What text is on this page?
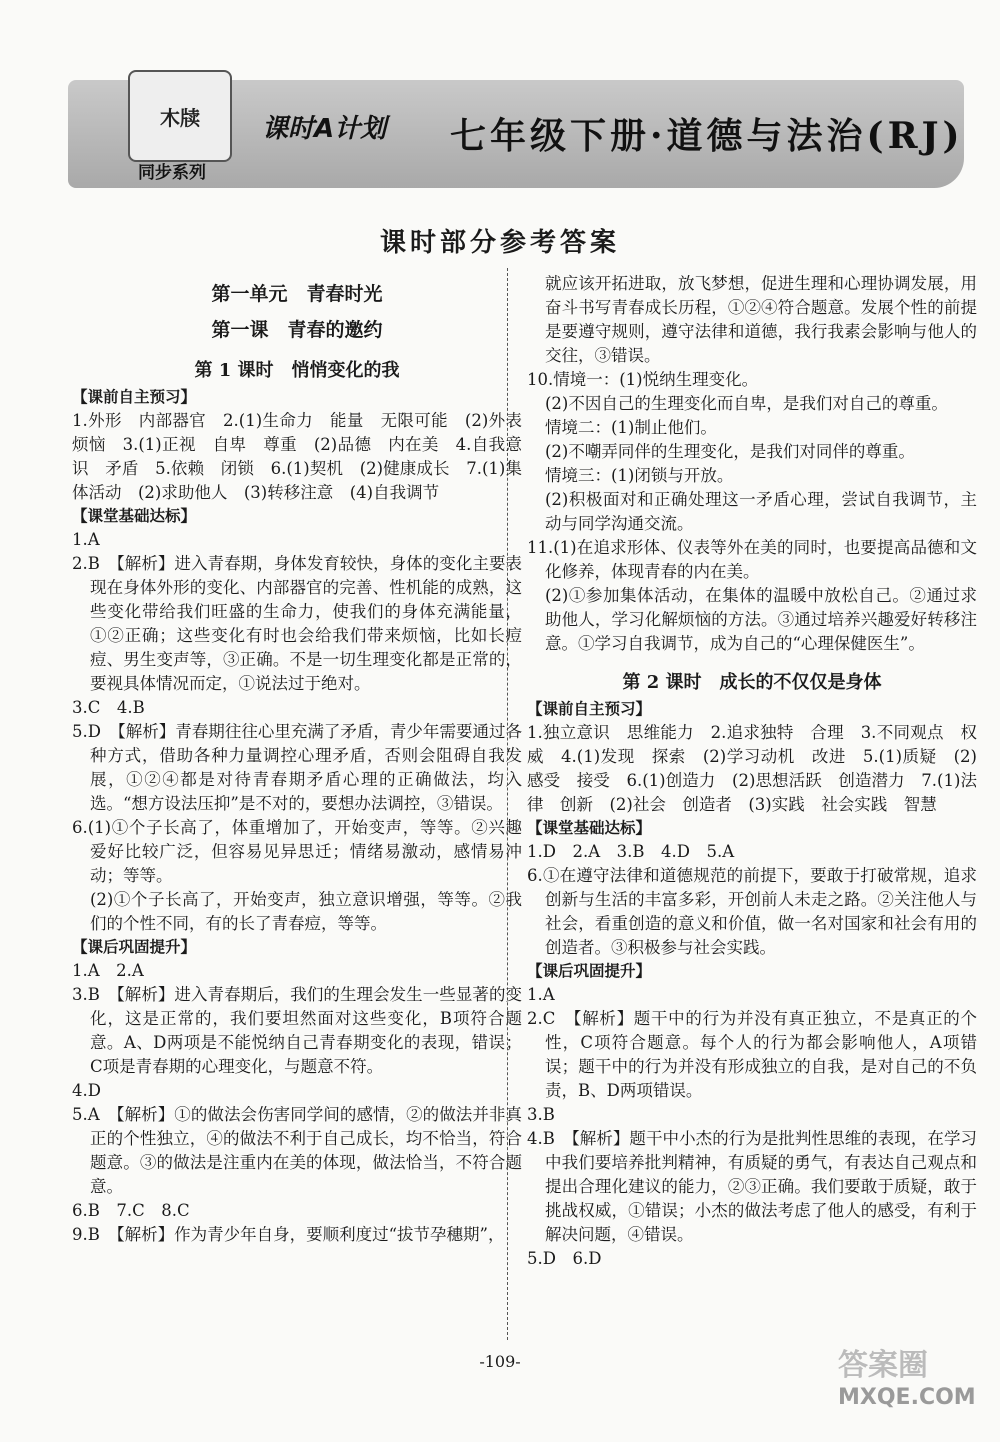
木牍
同步系列
课时A计划 七年级下册·道德与法治(RJ)
课时部分参考答案
第一单元　青春时光
第一课　青春的邀约
第 1 课时　悄悄变化的我
【课前自主预习】

1.外形　内部器官　2.(1)生命力　能量　无限可能　(2)外表　烦恼　3.(1)正视　自卑　尊重　(2)品德　内在美　4.自我意识　矛盾　5.依赖　闭锁　6.(1)契机　(2)健康成长　7.(1)集体活动　(2)求助他人　(3)转移注意　(4)自我调节

【课堂基础达标】

1.A

2.B　【解析】进入青春期，身体发育较快，身体的变化主要表现在身体外形的变化、内部器官的完善、性机能的成熟，这些变化带给我们旺盛的生命力，使我们的身体充满能量，①②正确；这些变化有时也会给我们带来烦恼，比如长痘痘、男生变声等，③正确。不是一切生理变化都是正常的，要视具体情况而定，①说法过于绝对。

3.C　4.B

5.D　【解析】青春期往往心里充满了矛盾，青少年需要通过各种方式，借助各种力量调控心理矛盾，否则会阻碍自我发展，①②④都是对待青春期矛盾心理的正确做法，均入选。“想方设法压抑”是不对的，要想办法调控，③错误。

6.(1)①个子长高了，体重增加了，开始变声，等等。②兴趣爱好比较广泛，但容易见异思迁；情绪易激动，感情易冲动；等等。

(2)①个子长高了，开始变声，独立意识增强，等等。②我们的个性不同，有的长了青春痘，等等。

【课后巩固提升】

1.A　2.A

3.B　【解析】进入青春期后，我们的生理会发生一些显著的变化，这是正常的，我们要坦然面对这些变化，B项符合题意。A、D两项是不能悦纳自己青春期变化的表现，错误；C项是青春期的心理变化，与题意不符。

4.D

5.A　【解析】①的做法会伤害同学间的感情，②的做法并非真正的个性独立，④的做法不利于自己成长，均不恰当，符合题意。③的做法是注重内在美的体现，做法恰当，不符合题意。

6.B　7.C　8.C

9.B　【解析】作为青少年自身，要顺利度过“拔节孕穗期”，

就应该开拓进取，放飞梦想，促进生理和心理协调发展，用奋斗书写青春成长历程，①②④符合题意。发展个性的前提是要遵守规则，遵守法律和道德，我行我素会影响与他人的交往，③错误。

10.情境一：(1)悦纳生理变化。

(2)不因自己的生理变化而自卑，是我们对自己的尊重。

情境二：(1)制止他们。

(2)不嘲弄同伴的生理变化，是我们对同伴的尊重。

情境三：(1)闭锁与开放。

(2)积极面对和正确处理这一矛盾心理，尝试自我调节，主动与同学沟通交流。

11.(1)在追求形体、仪表等外在美的同时，也要提高品德和文化修养，体现青春的内在美。

(2)①参加集体活动，在集体的温暖中放松自己。②通过求助他人，学习化解烦恼的方法。③通过培养兴趣爱好转移注意。①学习自我调节，成为自己的“心理保健医生”。

第 2 课时　成长的不仅仅是身体
【课前自主预习】

1.独立意识　思维能力　2.追求独特　合理　3.不同观点　权威　4.(1)发现　探索　(2)学习动机　改进　5.(1)质疑　(2)感受　接受　6.(1)创造力　(2)思想活跃　创造潜力　7.(1)法律　创新　(2)社会　创造者　(3)实践　社会实践　智慧

【课堂基础达标】

1.D　2.A　3.B　4.D　5.A

6.①在遵守法律和道德规范的前提下，要敢于打破常规，追求创新与生活的丰富多彩，开创前人未走之路。②关注他人与社会，看重创造的意义和价值，做一名对国家和社会有用的创造者。③积极参与社会实践。

【课后巩固提升】

1.A

2.C　【解析】题干中的行为并没有真正独立，不是真正的个性，C项符合题意。每个人的行为都会影响他人，A项错误；题干中的行为并没有形成独立的自我，是对自己的不负责，B、D两项错误。

3.B

4.B　【解析】题干中小杰的行为是批判性思维的表现，在学习中我们要培养批判精神，有质疑的勇气，有表达自己观点和提出合理化建议的能力，②③正确。我们要敢于质疑，敢于挑战权威，①错误；小杰的做法考虑了他人的感受，有利于解决问题，④错误。

5.D　6.D

-109-	答案圈
MXQE.COM
